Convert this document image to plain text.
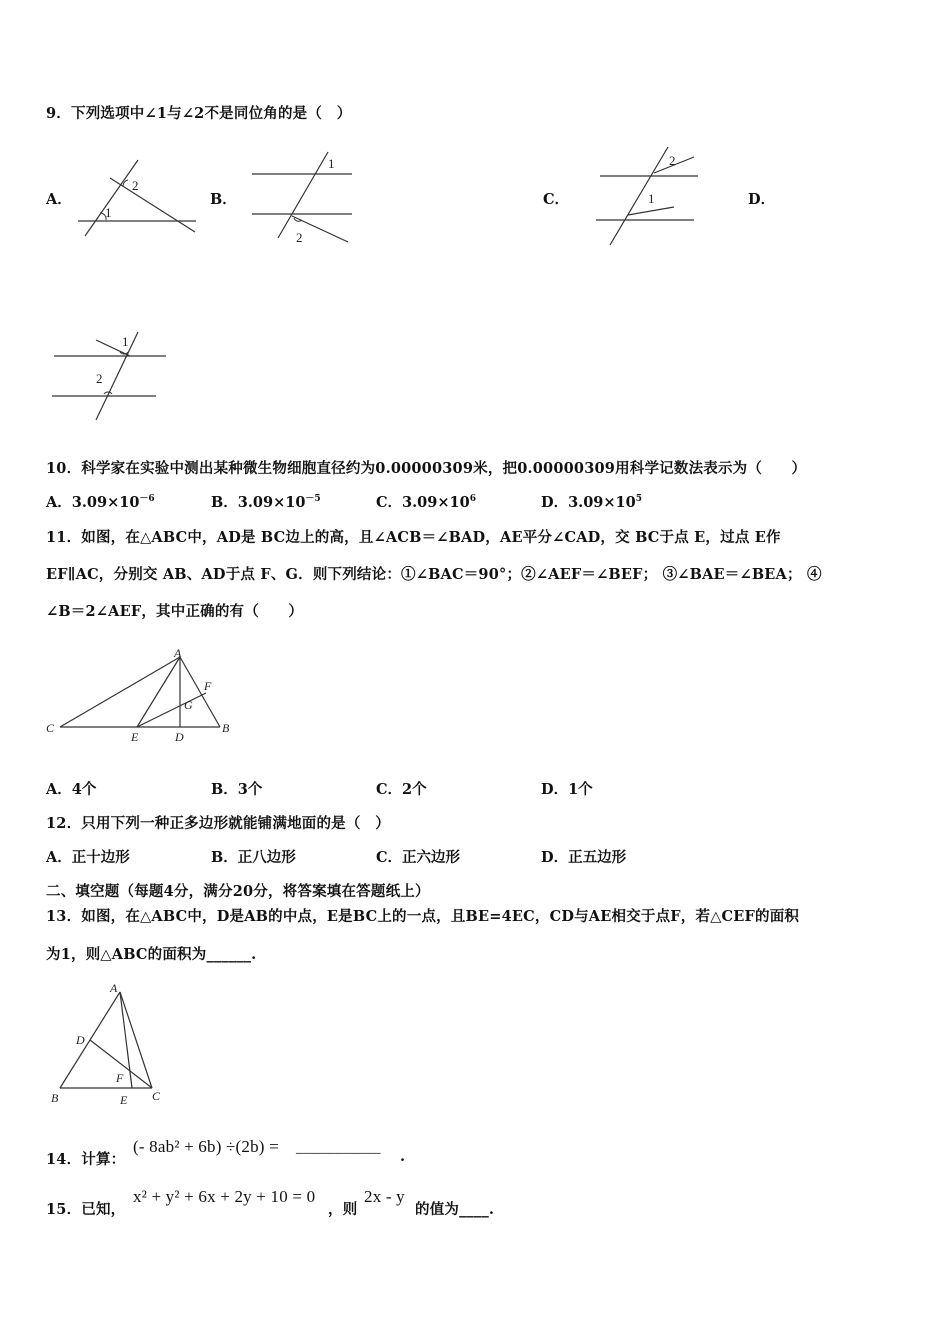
9．下列选项中∠1与∠2不是同位角的是（　）
A．
2
1
B．
1
2
C．
2
1	D．
1
2
10．科学家在实验中测出某种微生物细胞直径约为0.00000309米，把0.00000309用科学记数法表示为（　　）
A．$3.09\times 10^{-6}$	B．$3.09\times 10^{-5}$	C．$3.09\times 10^6$	D．$3.09\times 10^5$
11．如图，在△ABC中，AD是 BC边上的高，且∠ACB＝∠BAD，AE平分∠CAD，交 BC于点 E，过点 E作
EF∥AC，分别交 AB、AD于点 F、G．则下列结论：①∠BAC＝90°；②∠AEF＝∠BEF； ③∠BAE＝∠BEA； ④
∠B＝2∠AEF，其中正确的有（　　）
A
C	B
E	D
F
G
A．4个	B．3个	C．2个	D．1个
12．只用下列一种正多边形就能铺满地面的是（　）
A．正十边形	B．正八边形	C．正六边形	D．正五边形
二、填空题（每题4分，满分20分，将答案填在答题纸上）
13．如图，在△ABC中，D是AB的中点，E是BC上的一点，且BE=4EC，CD与AE相交于点F，若△CEF的面积
为1，则△ABC的面积为______.
A
D
F
B	E C
14．计算：
(- 8ab² + 6b) ÷(2b) = ___________ .
15．已知，
x² + y² + 6x + 2y + 10 = 0
，则
2x - y
的值为____.
